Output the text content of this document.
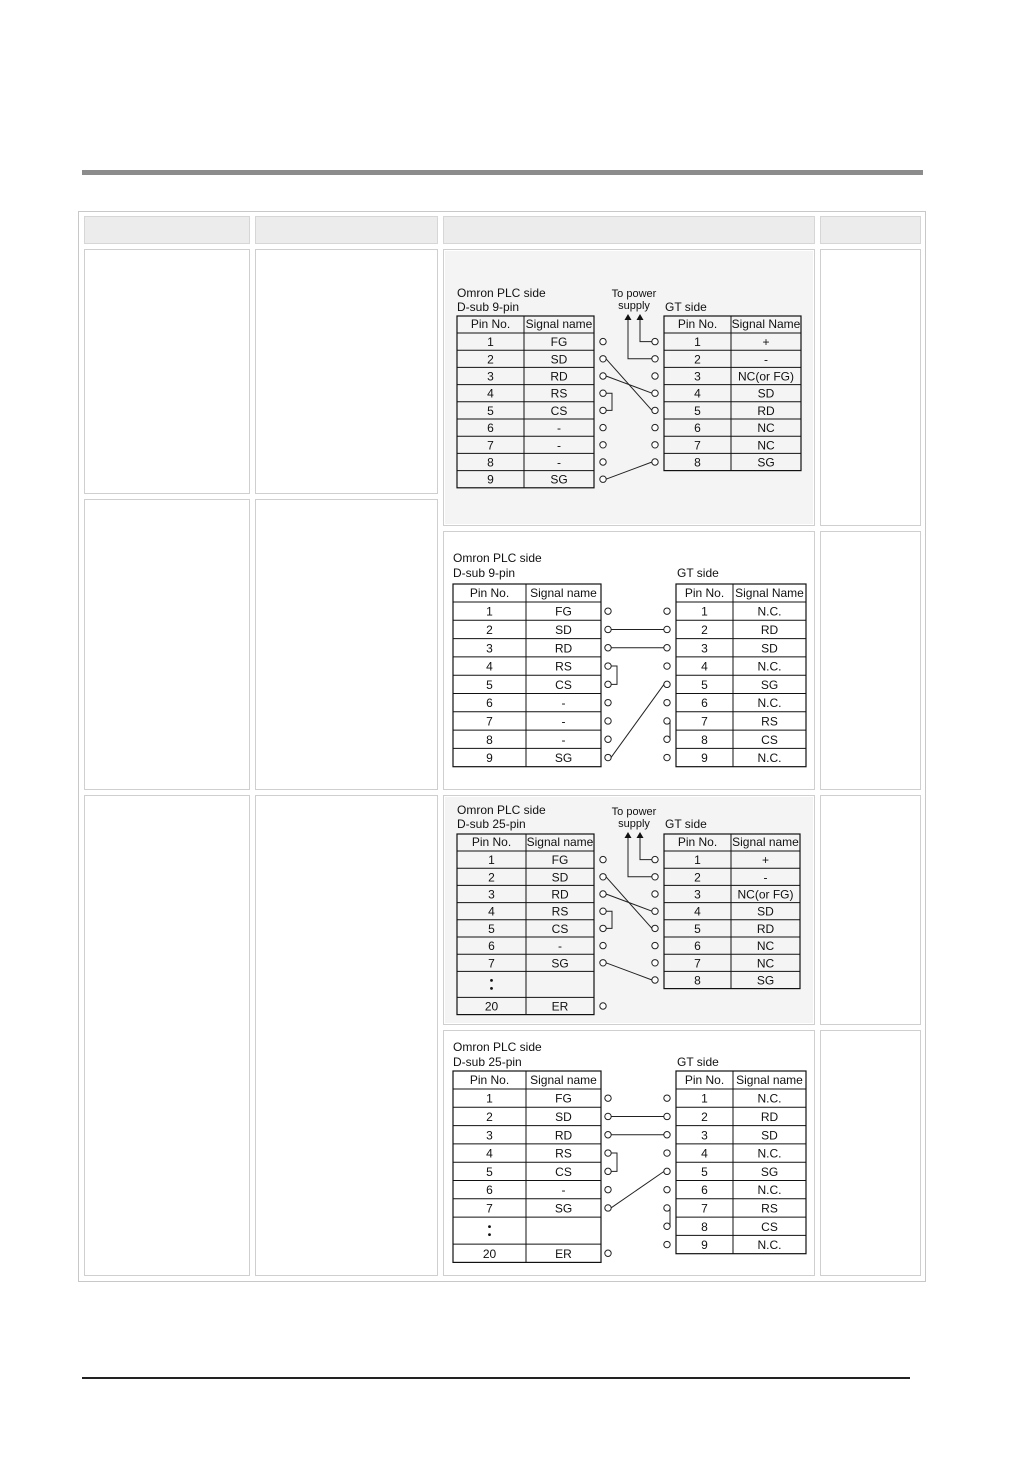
Omron PLC side
D-sub 9-pin	GT side
To power
supply
Pin No. Signal name
1	FG
2	SD
3	RD
4	RS
5	CS
6	-
7	-
8	-
9	SG
Pin No. Signal Name
1	+
2	-
3	NC(or FG)
4	SD
5	RD
6	NC
7	NC
8	SG
Omron PLC side
D-sub 9-pin	GT side
Pin No. Signal name
1	FG
2	SD
3	RD
4	RS
5	CS
6	-
7	-
8	-
9	SG
Pin No. Signal Name
1	N.C.
2	RD
3	SD
4	N.C.
5	SG
6	N.C.
7	RS
8	CS
9	N.C.
Omron PLC side
D-sub 25-pin	GT side
To power
supply
Pin No. Signal name
1	FG
2	SD
3	RD
4	RS
5	CS
6	-
7	SG
20	ER
Pin No. Signal name
1	+
2	-
3	NC(or FG)
4	SD
5	RD
6	NC
7	NC
8	SG
Omron PLC side
D-sub 25-pin	GT side
Pin No. Signal name
1	FG
2	SD
3	RD
4	RS
5	CS
6	-
7	SG
20	ER
Pin No. Signal name
1	N.C.
2	RD
3	SD
4	N.C.
5	SG
6	N.C.
7	RS
8	CS
9	N.C.
